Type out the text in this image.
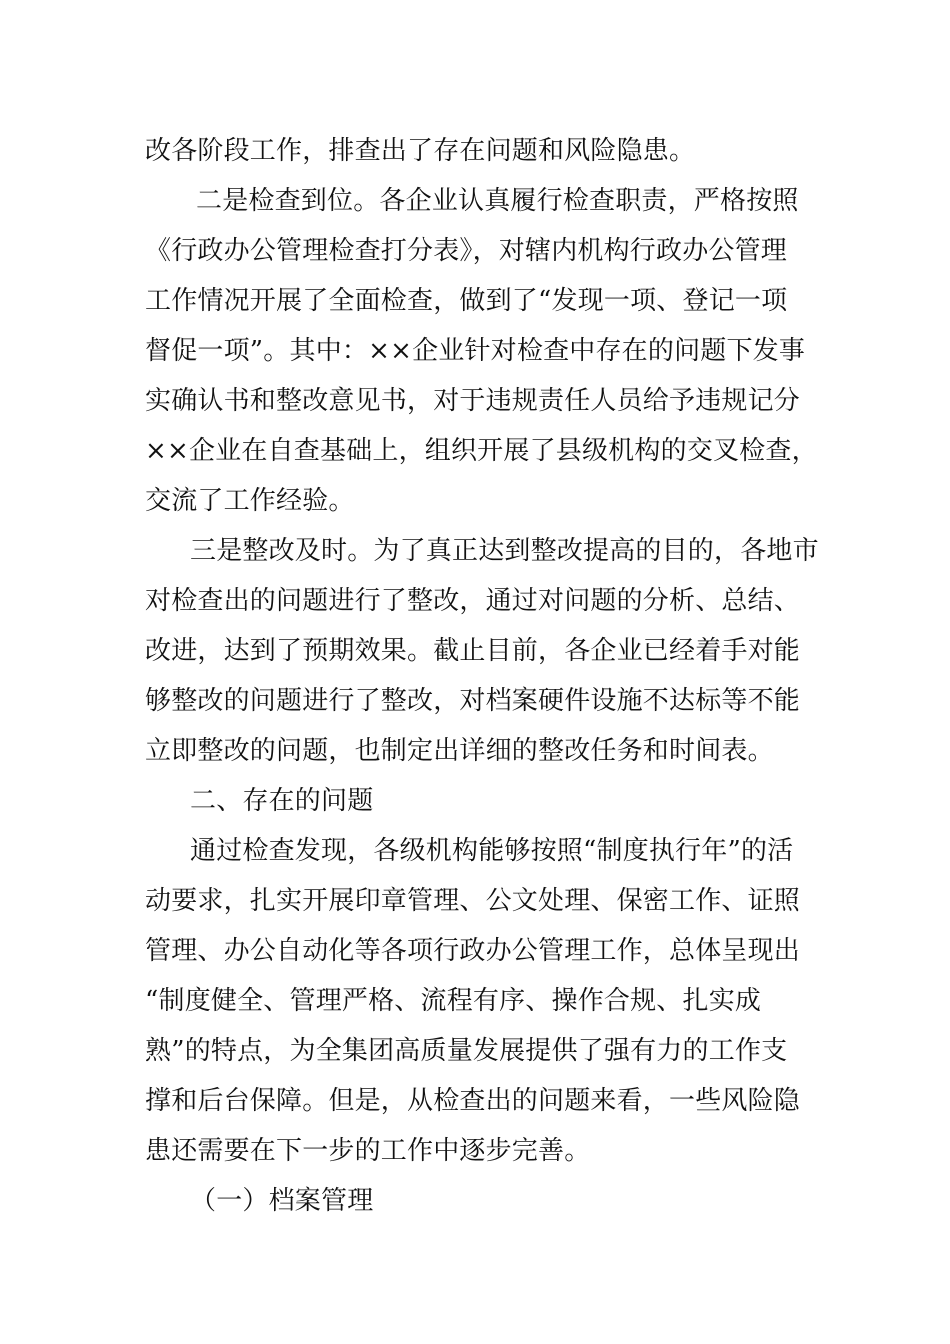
改各阶段工作，排查出了存在问题和风险隐患。
二是检查到位。各企业认真履行检查职责，严格按照
《行政办公管理检查打分表》，对辖内机构行政办公管理
工作情况开展了全面检查，做到了“发现一项、登记一项
督促一项”。其中：××企业针对检查中存在的问题下发事
实确认书和整改意见书，对于违规责任人员给予违规记分
××企业在自查基础上，组织开展了县级机构的交叉检查，
交流了工作经验。
三是整改及时。为了真正达到整改提高的目的，各地市
对检查出的问题进行了整改，通过对问题的分析、总结、
改进，达到了预期效果。截止目前，各企业已经着手对能
够整改的问题进行了整改，对档案硬件设施不达标等不能
立即整改的问题，也制定出详细的整改任务和时间表。
二、存在的问题
通过检查发现，各级机构能够按照“制度执行年”的活
动要求，扎实开展印章管理、公文处理、保密工作、证照
管理、办公自动化等各项行政办公管理工作，总体呈现出
“制度健全、管理严格、流程有序、操作合规、扎实成
熟”的特点，为全集团高质量发展提供了强有力的工作支
撑和后台保障。但是，从检查出的问题来看，一些风险隐
患还需要在下一步的工作中逐步完善。
（一）档案管理
